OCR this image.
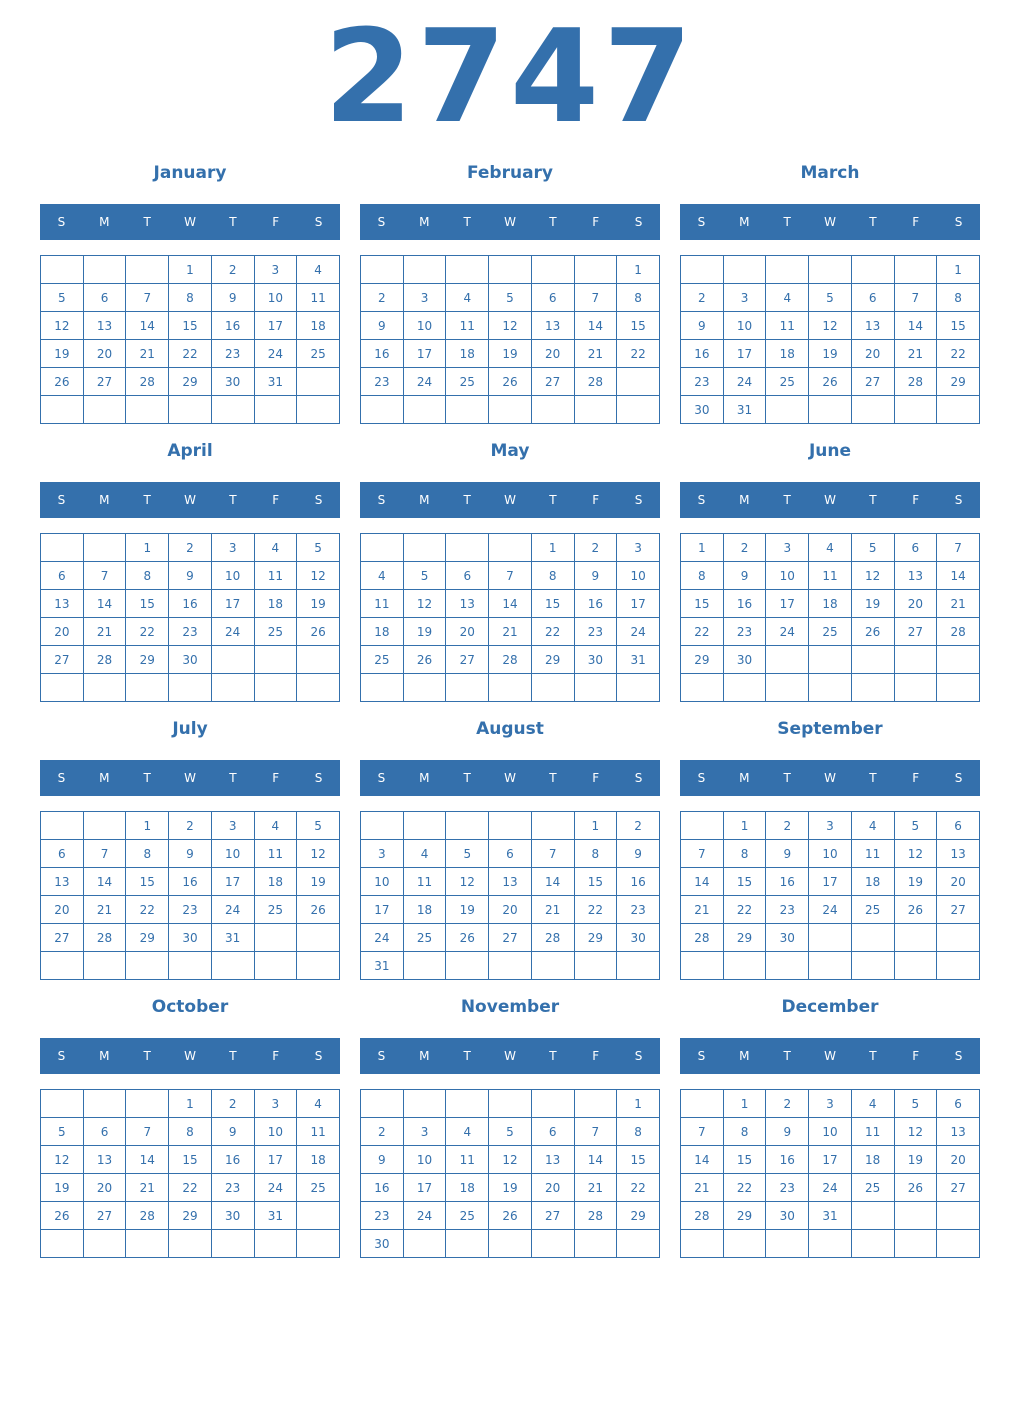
2747
January
S	M	T	W	T	F	S
			1	2	3	4
5	6	7	8	9	10	11
12	13	14	15	16	17	18
19	20	21	22	23	24	25
26	27	28	29	30	31	

February
S	M	T	W	T	F	S
						1
2	3	4	5	6	7	8
9	10	11	12	13	14	15
16	17	18	19	20	21	22
23	24	25	26	27	28	

March
S	M	T	W	T	F	S
						1
2	3	4	5	6	7	8
9	10	11	12	13	14	15
16	17	18	19	20	21	22
23	24	25	26	27	28	29
30	31					
April
S	M	T	W	T	F	S
		1	2	3	4	5
6	7	8	9	10	11	12
13	14	15	16	17	18	19
20	21	22	23	24	25	26
27	28	29	30			

May
S	M	T	W	T	F	S
				1	2	3
4	5	6	7	8	9	10
11	12	13	14	15	16	17
18	19	20	21	22	23	24
25	26	27	28	29	30	31

June
S	M	T	W	T	F	S
1	2	3	4	5	6	7
8	9	10	11	12	13	14
15	16	17	18	19	20	21
22	23	24	25	26	27	28
29	30					

July
S	M	T	W	T	F	S
		1	2	3	4	5
6	7	8	9	10	11	12
13	14	15	16	17	18	19
20	21	22	23	24	25	26
27	28	29	30	31		

August
S	M	T	W	T	F	S
					1	2
3	4	5	6	7	8	9
10	11	12	13	14	15	16
17	18	19	20	21	22	23
24	25	26	27	28	29	30
31						
September
S	M	T	W	T	F	S
	1	2	3	4	5	6
7	8	9	10	11	12	13
14	15	16	17	18	19	20
21	22	23	24	25	26	27
28	29	30				

October
S	M	T	W	T	F	S
			1	2	3	4
5	6	7	8	9	10	11
12	13	14	15	16	17	18
19	20	21	22	23	24	25
26	27	28	29	30	31	

November
S	M	T	W	T	F	S
						1
2	3	4	5	6	7	8
9	10	11	12	13	14	15
16	17	18	19	20	21	22
23	24	25	26	27	28	29
30						
December
S	M	T	W	T	F	S
	1	2	3	4	5	6
7	8	9	10	11	12	13
14	15	16	17	18	19	20
21	22	23	24	25	26	27
28	29	30	31			
